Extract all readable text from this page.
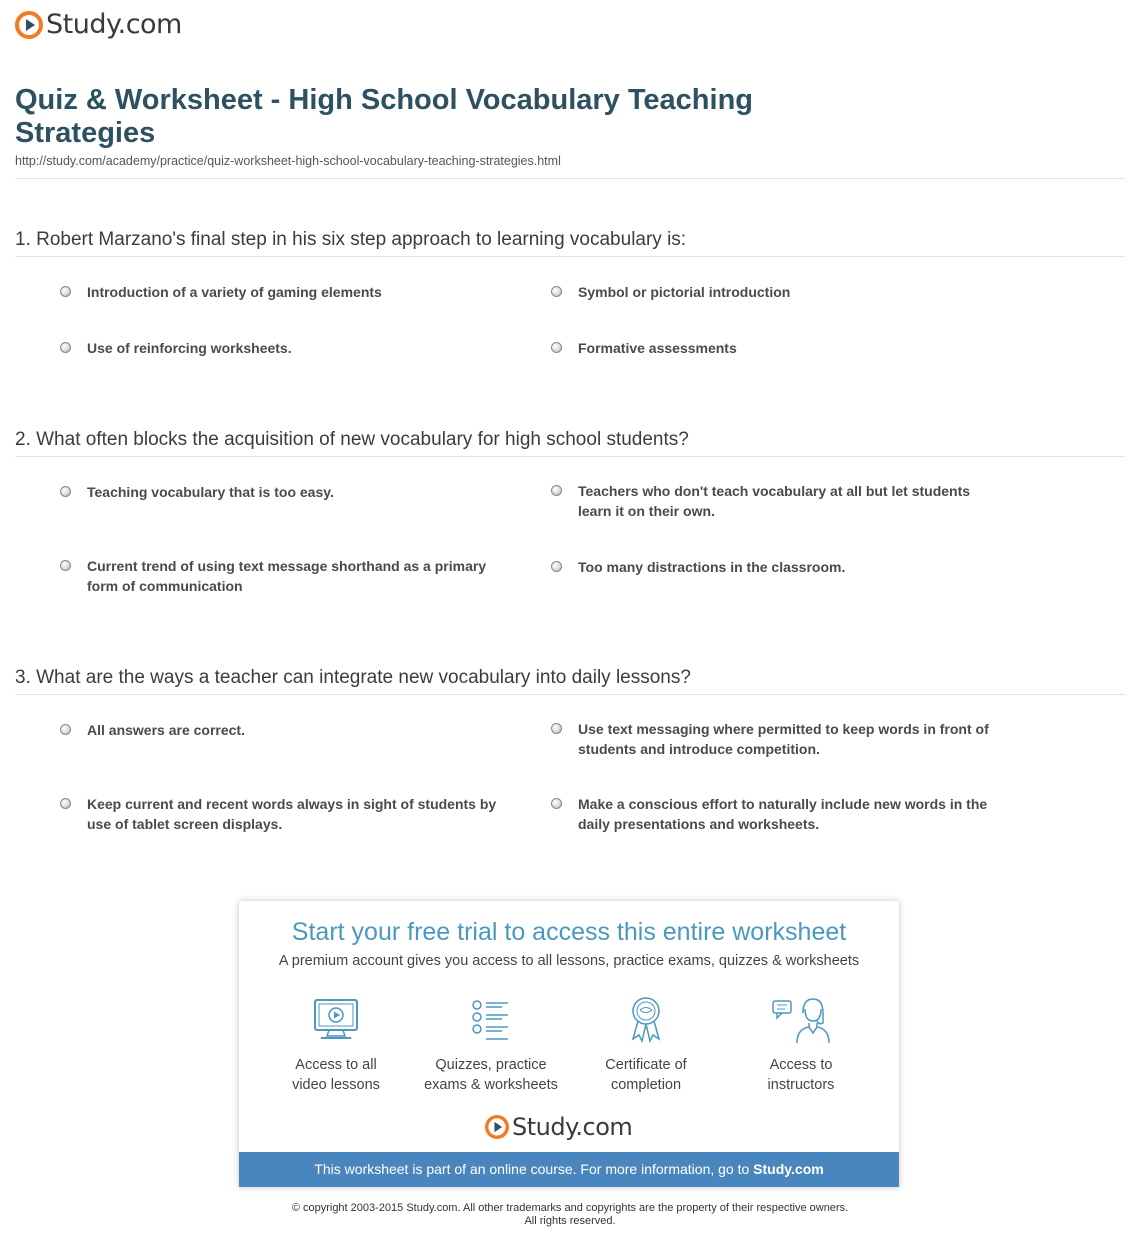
Study.com
Quiz & Worksheet - High School Vocabulary Teaching Strategies
http://study.com/academy/practice/quiz-worksheet-high-school-vocabulary-teaching-strategies.html
1. Robert Marzano's final step in his six step approach to learning vocabulary is:
Introduction of a variety of gaming elements	Symbol or pictorial introduction
Use of reinforcing worksheets.	Formative assessments
2. What often blocks the acquisition of new vocabulary for high school students?
Teaching vocabulary that is too easy.	Teachers who don't teach vocabulary at all but let students learn it on their own.
Current trend of using text message shorthand as a primary form of communication
Too many distractions in the classroom.
3. What are the ways a teacher can integrate new vocabulary into daily lessons?
All answers are correct.	Use text messaging where permitted to keep words in front of students and introduce competition.
Keep current and recent words always in sight of students by use of tablet screen displays.
Make a conscious effort to naturally include new words in the daily presentations and worksheets.
Start your free trial to access this entire worksheet
A premium account gives you access to all lessons, practice exams, quizzes & worksheets
Access to all
video lessons
Quizzes, practice
exams & worksheets
Certificate of
completion
Access to
instructors
Study.com
This worksheet is part of an online course. For more information, go to Study.com
© copyright 2003-2015 Study.com. All other trademarks and copyrights are the property of their respective owners.
All rights reserved.
